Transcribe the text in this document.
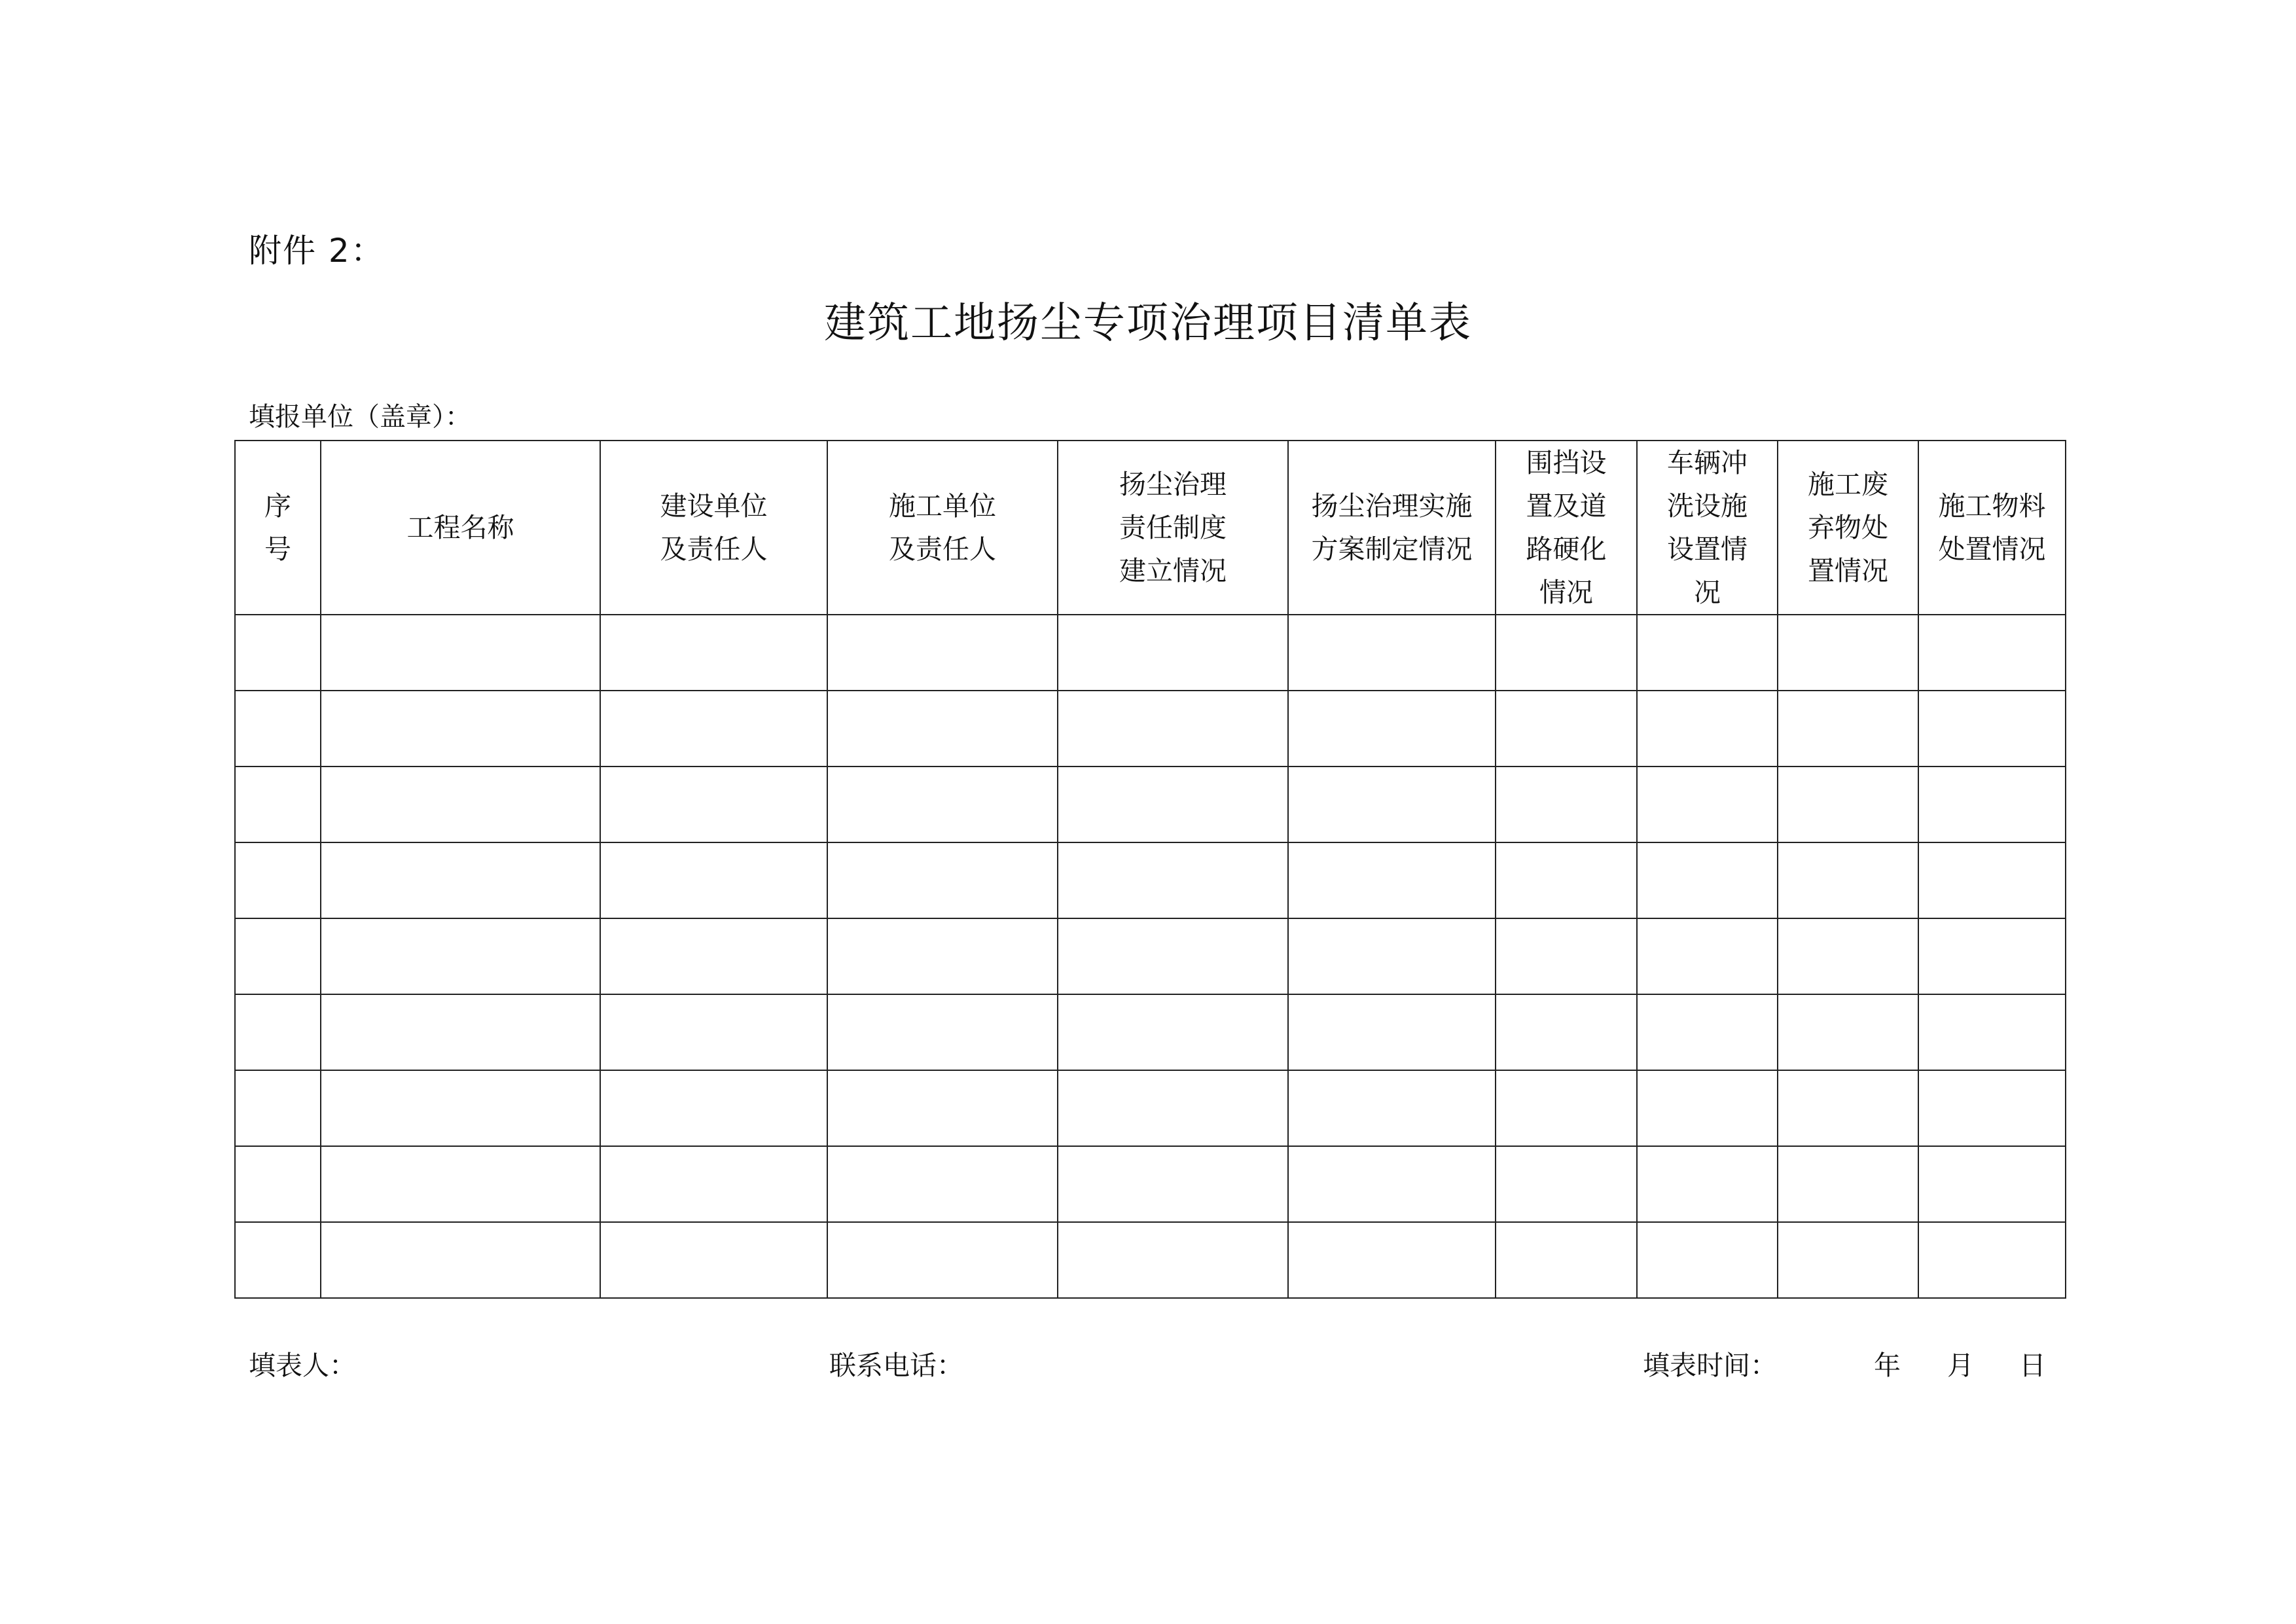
附件 2：
建筑工地扬尘专项治理项目清单表
填报单位（盖章）：
序
号	工程名称	建设单位
及责任人	施工单位
及责任人	扬尘治理
责任制度
建立情况	扬尘治理实施
方案制定情况	围挡设
置及道
路硬化
情况	车辆冲
洗设施
设置情
况	施工废
弃物处
置情况	施工物料
处置情况

填表人：	联系电话：	填表时间：	年 月 日
